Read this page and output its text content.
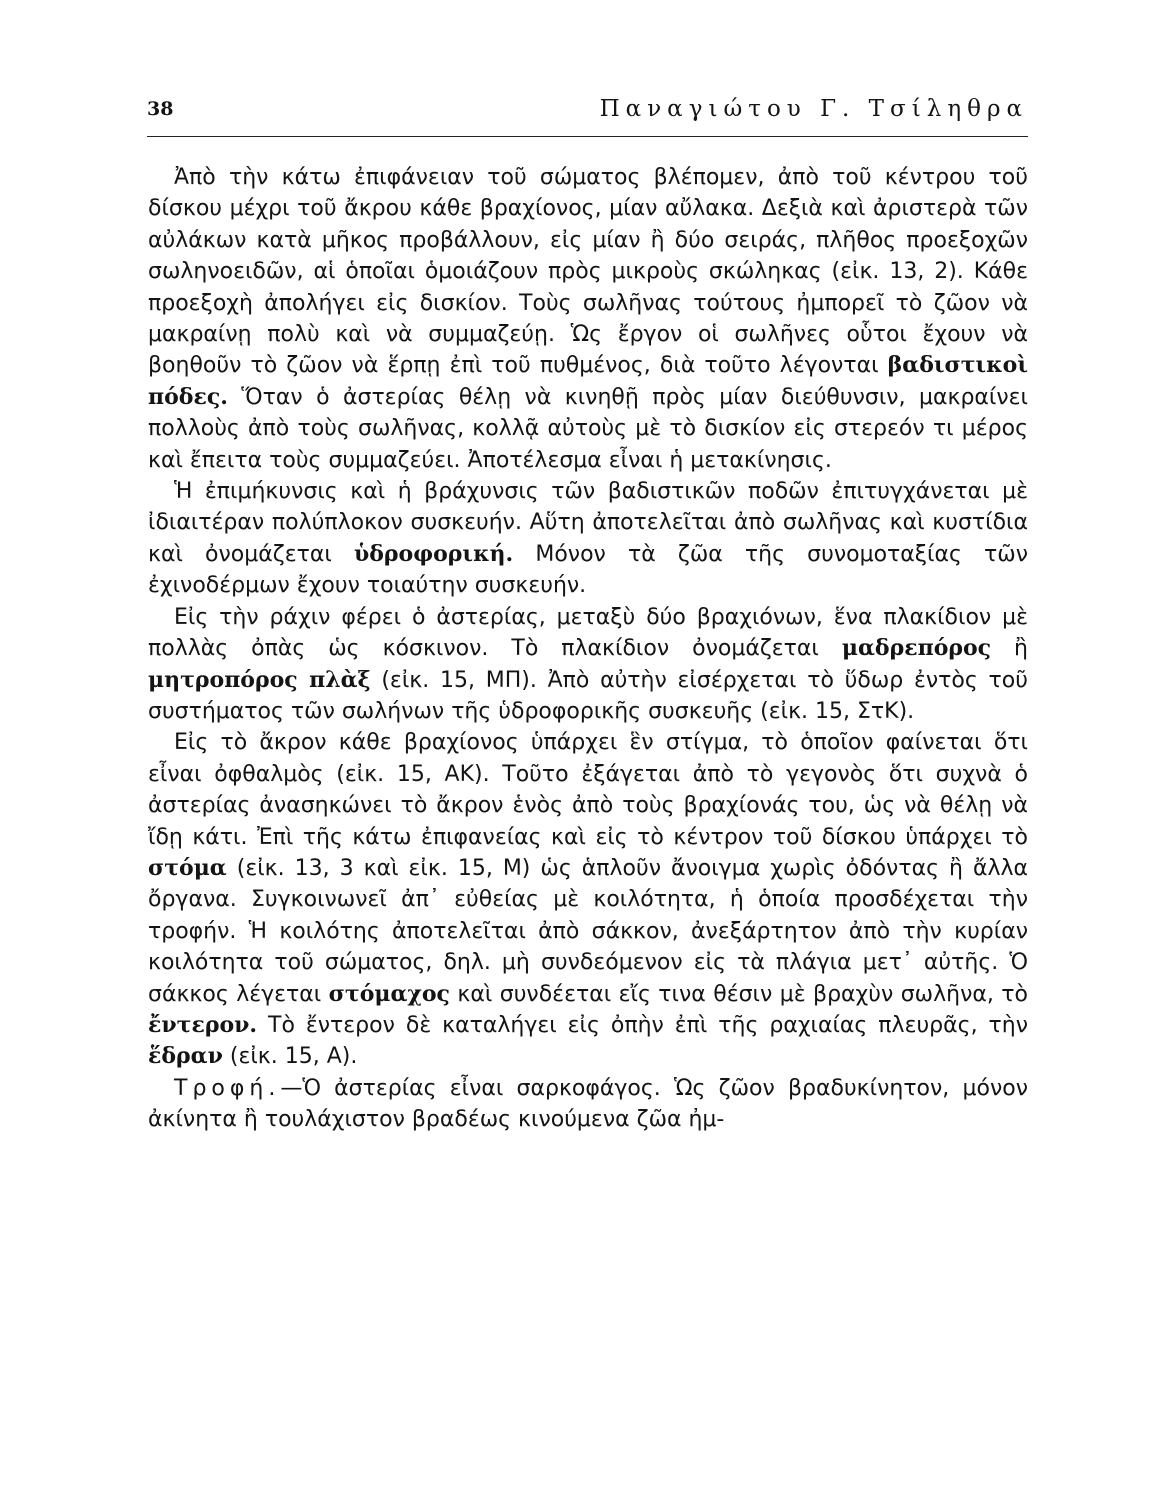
38	Παναγιώτου Γ. Τσίληθρα

Ἀπὸ τὴν κάτω ἐπιφάνειαν τοῦ σώματος βλέπομεν, ἀπὸ τοῦ κέντρου τοῦ δίσκου μέχρι τοῦ ἄκρου κάθε βραχίονος, μίαν αὔλακα. Δεξιὰ καὶ ἀριστερὰ τῶν αὐλάκων κατὰ μῆκος προβάλλουν, εἰς μίαν ἢ δύο σειράς, πλῆθος προεξοχῶν σωληνοειδῶν, αἱ ὁποῖαι ὁμοιάζουν πρὸς μικροὺς σκώληκας (εἰκ. 13, 2). Κάθε προεξοχὴ ἀπολήγει εἰς δισκίον. Τοὺς σωλῆνας τούτους ἠμπορεῖ τὸ ζῶον νὰ μακραίνῃ πολὺ καὶ νὰ συμμαζεύῃ. Ὡς ἔργον οἱ σωλῆνες οὗτοι ἔχουν νὰ βοηθοῦν τὸ ζῶον νὰ ἕρπῃ ἐπὶ τοῦ πυθμένος, διὰ τοῦτο λέγονται βαδιστικοὶ πόδες. Ὅταν ὁ ἀστερίας θέλῃ νὰ κινηθῇ πρὸς μίαν διεύθυνσιν, μακραίνει πολλοὺς ἀπὸ τοὺς σωλῆνας, κολλᾷ αὐτοὺς μὲ τὸ δισκίον εἰς στερεόν τι μέρος καὶ ἔπειτα τοὺς συμμαζεύει. Ἀποτέλεσμα εἶναι ἡ μετακίνησις.

Ἡ ἐπιμήκυνσις καὶ ἡ βράχυνσις τῶν βαδιστικῶν ποδῶν ἐπιτυγχάνεται μὲ ἰδιαιτέραν πολύπλοκον συσκευήν. Αὕτη ἀποτελεῖται ἀπὸ σωλῆνας καὶ κυστίδια καὶ ὀνομάζεται ὑδροφορική. Μόνον τὰ ζῶα τῆς συνομοταξίας τῶν ἐχινοδέρμων ἔχουν τοιαύτην συσκευήν.

Εἰς τὴν ράχιν φέρει ὁ ἀστερίας, μεταξὺ δύο βραχιόνων, ἕνα πλακίδιον μὲ πολλὰς ὀπὰς ὡς κόσκινον. Τὸ πλακίδιον ὀνομάζεται μαδρεπόρος ἢ μητροπόρος πλὰξ (εἰκ. 15, ΜΠ). Ἀπὸ αὐτὴν εἰσέρχεται τὸ ὕδωρ ἐντὸς τοῦ συστήματος τῶν σωλήνων τῆς ὑδροφορικῆς συσκευῆς (εἰκ. 15, ΣτΚ).

Εἰς τὸ ἄκρον κάθε βραχίονος ὑπάρχει ἓν στίγμα, τὸ ὁποῖον φαίνεται ὅτι εἶναι ὀφθαλμὸς (εἰκ. 15, ΑΚ). Τοῦτο ἐξάγεται ἀπὸ τὸ γεγονὸς ὅτι συχνὰ ὁ ἀστερίας ἀνασηκώνει τὸ ἄκρον ἑνὸς ἀπὸ τοὺς βραχίονάς του, ὡς νὰ θέλῃ νὰ ἴδῃ κάτι. Ἐπὶ τῆς κάτω ἐπιφανείας καὶ εἰς τὸ κέντρον τοῦ δίσκου ὑπάρχει τὸ στόμα (εἰκ. 13, 3 καὶ εἰκ. 15, Μ) ὡς ἁπλοῦν ἄνοιγμα χωρὶς ὀδόντας ἢ ἄλλα ὄργανα. Συγκοινωνεῖ ἀπ᾽ εὐθείας μὲ κοιλότητα, ἡ ὁποία προσδέχεται τὴν τροφήν. Ἡ κοιλότης ἀποτελεῖται ἀπὸ σάκκον, ἀνεξάρτητον ἀπὸ τὴν κυρίαν κοιλότητα τοῦ σώματος, δηλ. μὴ συνδεόμενον εἰς τὰ πλάγια μετ᾽ αὐτῆς. Ὁ σάκκος λέγεται στόμαχος καὶ συνδέεται εἴς τινα θέσιν μὲ βραχὺν σωλῆνα, τὸ ἔντερον. Τὸ ἔντερον δὲ καταλήγει εἰς ὀπὴν ἐπὶ τῆς ραχιαίας πλευρᾶς, τὴν ἕδραν (εἰκ. 15, Α).

Τροφή.—Ὁ ἀστερίας εἶναι σαρκοφάγος. Ὡς ζῶον βραδυκίνητον, μόνον ἀκίνητα ἢ τουλάχιστον βραδέως κινούμενα ζῶα ἠμ-
